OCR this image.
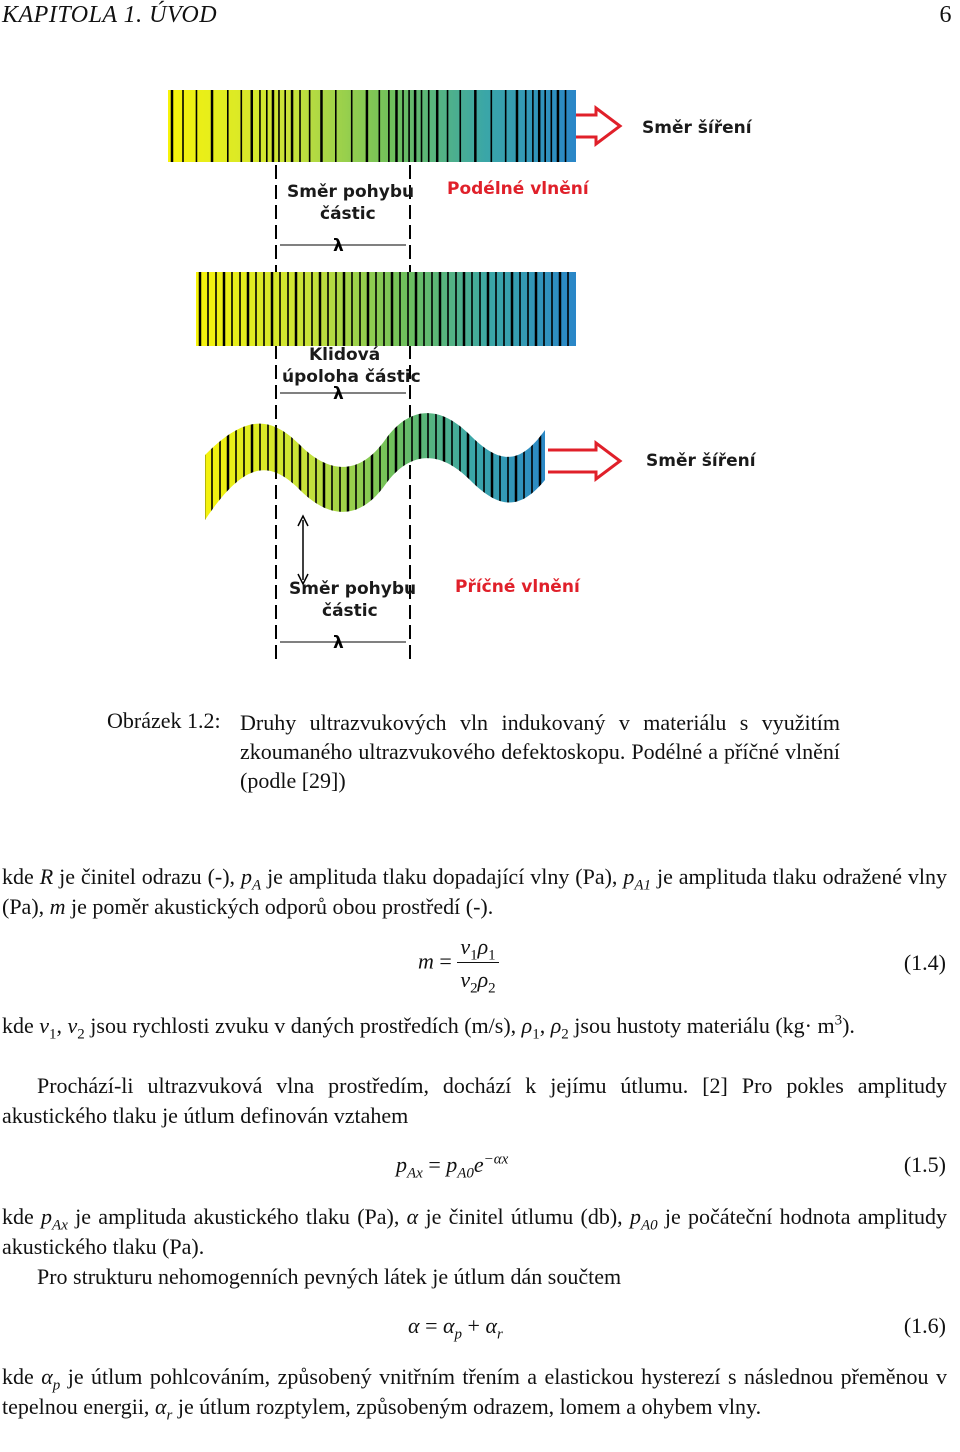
KAPITOLA 1. ÚVOD	6
Směr šíření
Směr pohybu
částic
Podélné vlnění
λ
Klidová
úpoloha částic
λ
Směr šíření
Směr pohybu
částic
Příčné vlnění
λ
Obrázek 1.2: Druhy ultrazvukových vln indukovaný v materiálu s využitím zkoumaného ultrazvukového defektoskopu. Podélné a příčné vlnění (podle [29])
kde R je činitel odrazu (-), $p_A$ je amplituda tlaku dopadající vlny (Pa), $p_{A1}$ je amplituda tlaku odražené vlny (Pa), m je poměr akustických odporů obou prostředí (-).
$m = \frac{v_1\rho_1}{v_2\rho_2}$	(1.4)
kde $v_1$, $v_2$ jsou rychlosti zvuku v daných prostředích (m/s), $\rho_1$, $\rho_2$ jsou hustoty materiálu $(kg\cdot m^3)$.
Prochází-li ultrazvuková vlna prostředím, dochází k jejímu útlumu. [2] Pro pokles amplitudy akustického tlaku je útlum definován vztahem
$p_{Ax} = p_{A0}e^{-\alpha x}$	(1.5)
kde $p_{Ax}$ je amplituda akustického tlaku (Pa), α je činitel útlumu (db), $p_{A0}$ je počáteční hodnota amplitudy akustického tlaku (Pa).
Pro strukturu nehomogenních pevných látek je útlum dán součtem
$\alpha = \alpha_p + \alpha_r$	(1.6)
kde $\alpha_p$ je útlum pohlcováním, způsobený vnitřním třením a elastickou hysterezí s následnou přeměnou v tepelnou energii, $\alpha_r$ je útlum rozptylem, způsobeným odrazem, lomem a ohybem vlny.
